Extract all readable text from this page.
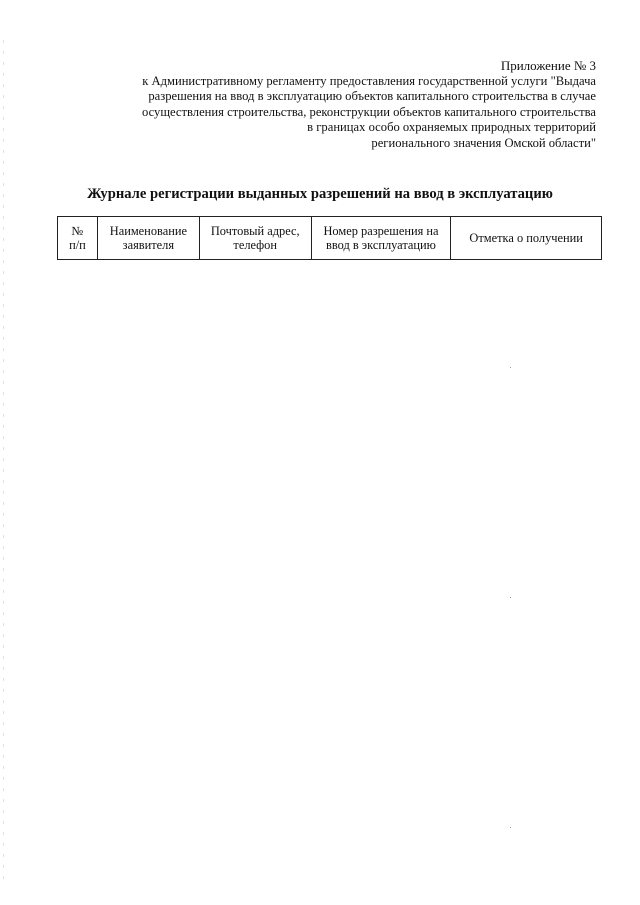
Приложение № 3
к Административному регламенту предоставления государственной услуги "Выдача
разрешения на ввод в эксплуатацию объектов капитального строительства в случае
осуществления строительства, реконструкции объектов капитального строительства
в границах особо охраняемых природных территорий
регионального значения Омской области"
Журнале регистрации выданных разрешений на ввод в эксплуатацию
№
п/п

Наименование
заявителя

Почтовый адрес,
телефон

Номер разрешения на
ввод в эксплуатацию	Отметка о получении
